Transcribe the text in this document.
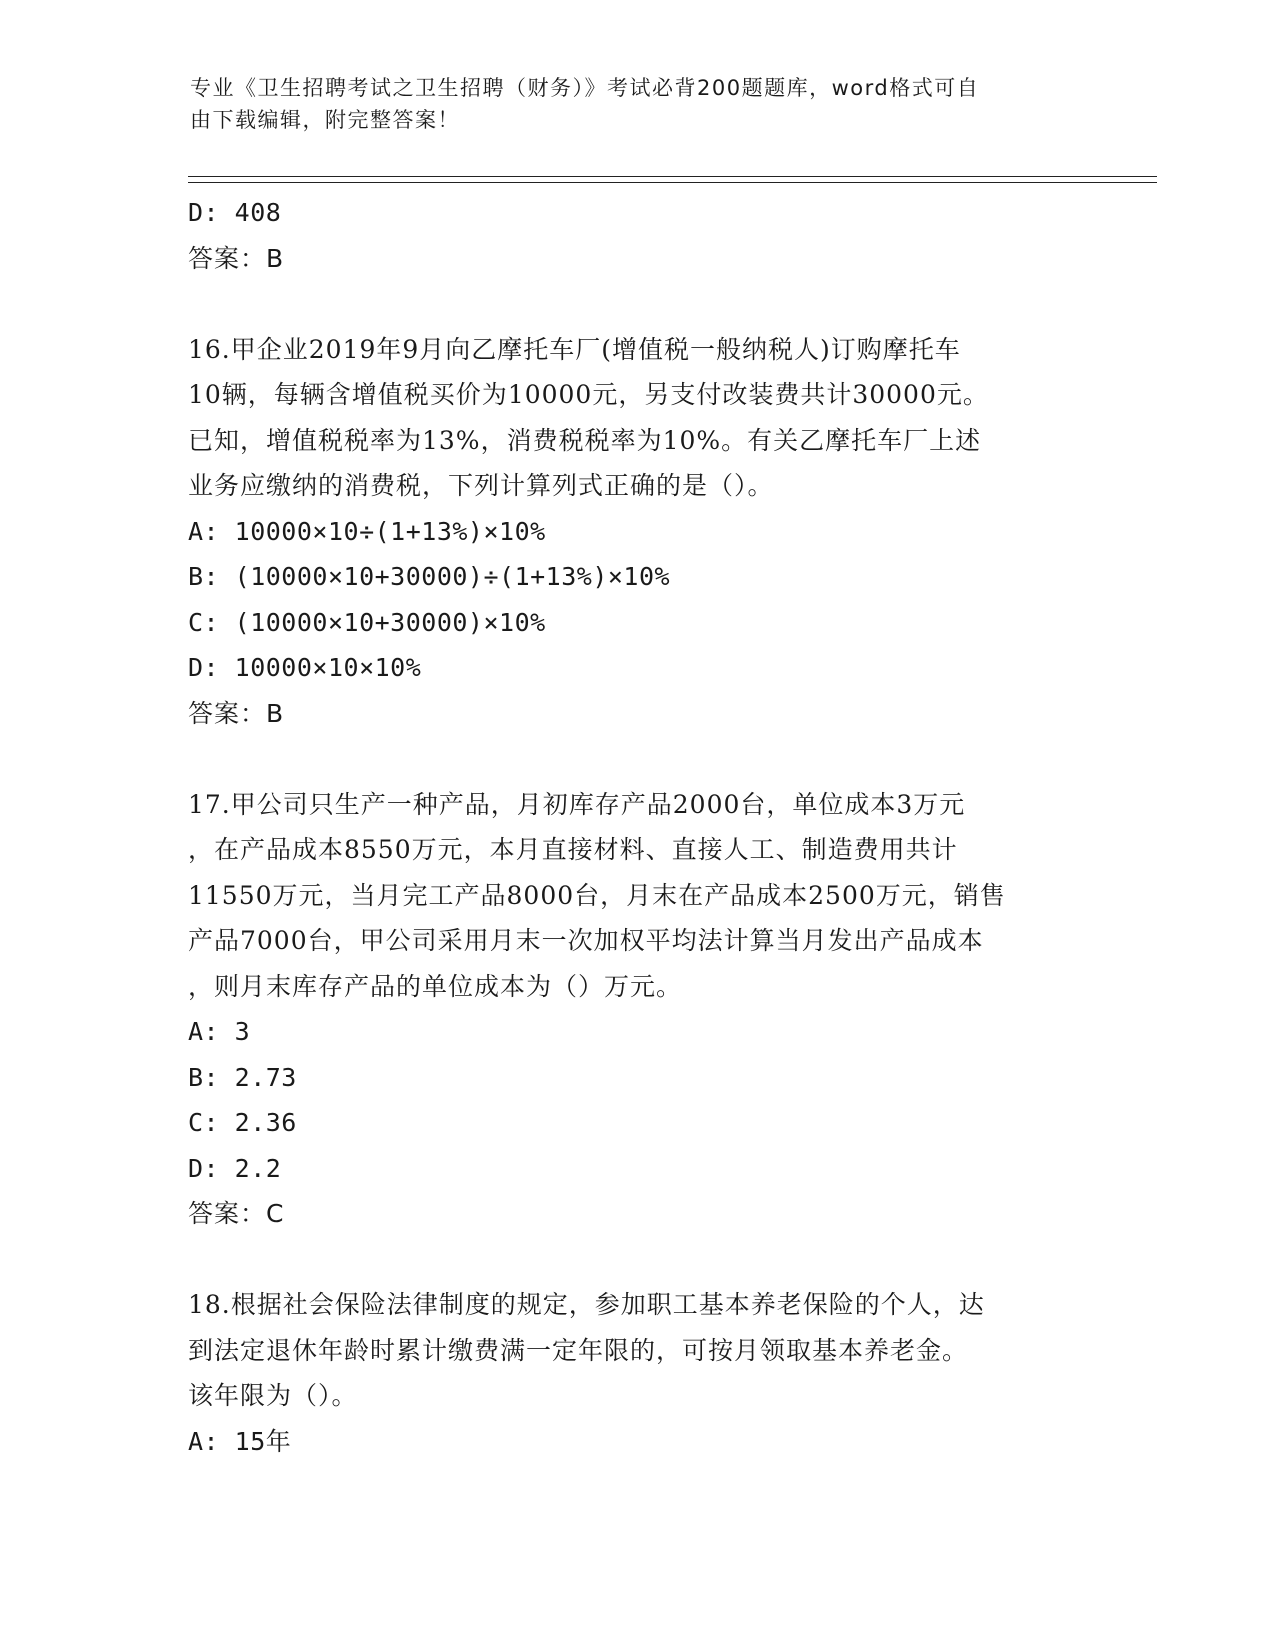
专业《卫生招聘考试之卫生招聘（财务）》考试必背200题题库，word格式可自
由下载编辑，附完整答案！
D: 408
答案：B
16.甲企业2019年9月向乙摩托车厂(增值税一般纳税人)订购摩托车
10辆，每辆含增值税买价为10000元，另支付改装费共计30000元。
已知，增值税税率为13%，消费税税率为10%。有关乙摩托车厂上述
业务应缴纳的消费税，下列计算列式正确的是（）。
A: 10000×10÷(1+13%)×10%
B: (10000×10+30000)÷(1+13%)×10%
C: (10000×10+30000)×10%
D: 10000×10×10%
答案：B
17.甲公司只生产一种产品，月初库存产品2000台，单位成本3万元
，在产品成本8550万元，本月直接材料、直接人工、制造费用共计
11550万元，当月完工产品8000台，月末在产品成本2500万元，销售
产品7000台，甲公司采用月末一次加权平均法计算当月发出产品成本
，则月末库存产品的单位成本为（）万元。
A: 3
B: 2.73
C: 2.36
D: 2.2
答案：C
18.根据社会保险法律制度的规定，参加职工基本养老保险的个人，达
到法定退休年龄时累计缴费满一定年限的，可按月领取基本养老金。
该年限为（）。
A: 15年
